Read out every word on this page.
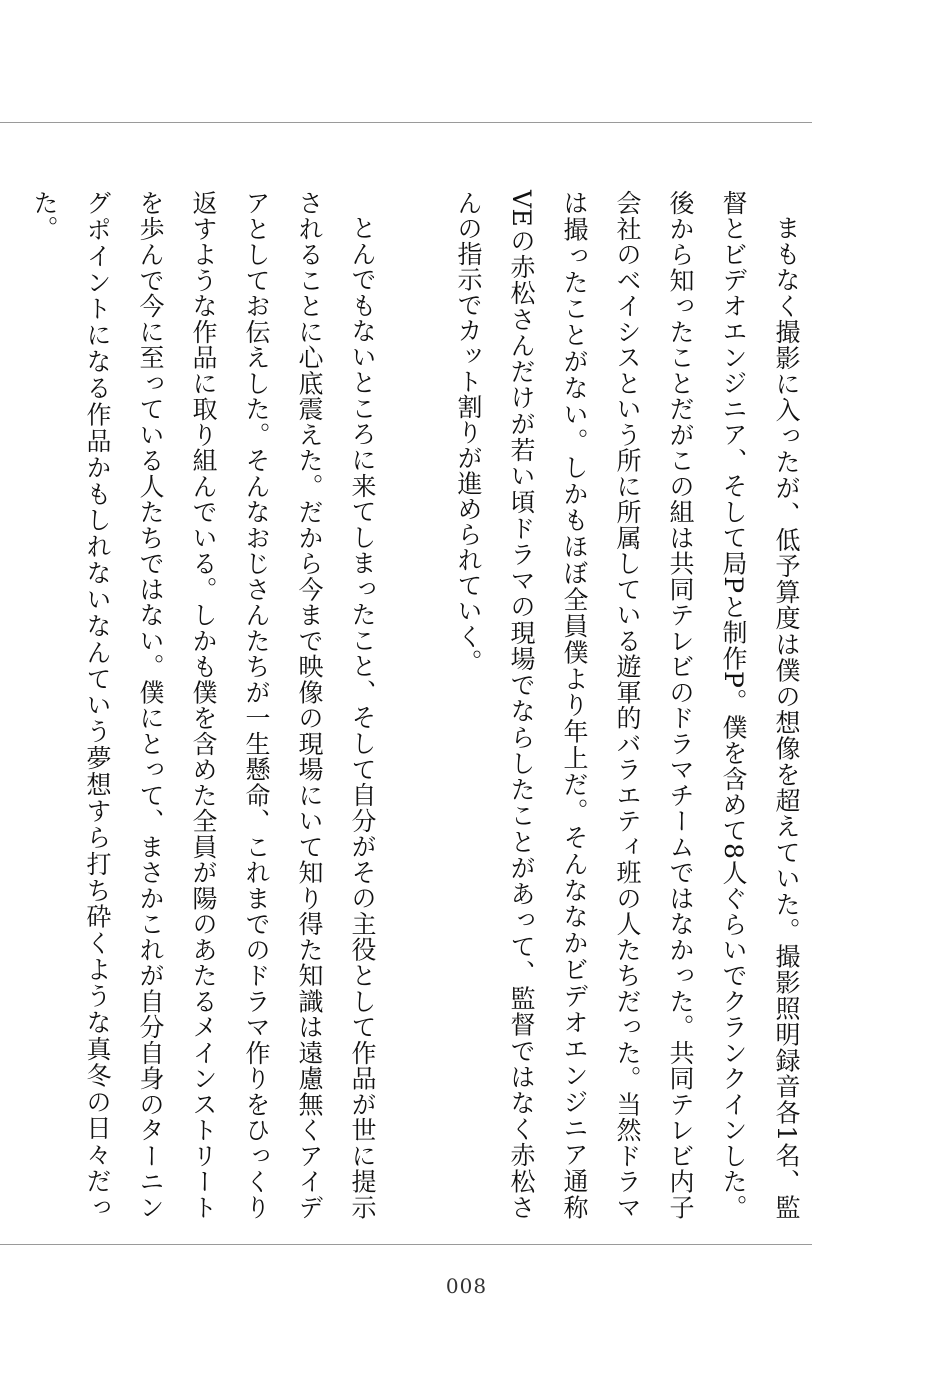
まもなく撮影に入ったが、低予算度は僕の想像を超えていた。撮影照明録音各1名、監督とビデオエンジニア、そして局Pと制作P。僕を含めて8人ぐらいでクランクインした。後から知ったことだがこの組は共同テレビのドラマチームではなかった。共同テレビ内子会社のベイシスという所に所属している遊軍的バラエティ班の人たちだった。当然ドラマは撮ったことがない。しかもほぼ全員僕より年上だ。そんななかビデオエンジニア通称VEの赤松さんだけが若い頃ドラマの現場でならしたことがあって、監督ではなく赤松さんの指示でカット割りが進められていく。

とんでもないところに来てしまったこと、そして自分がその主役として作品が世に提示されることに心底震えた。だから今まで映像の現場にいて知り得た知識は遠慮無くアイデアとしてお伝えした。そんなおじさんたちが一生懸命、これまでのドラマ作りをひっくり返すような作品に取り組んでいる。しかも僕を含めた全員が陽のあたるメインストリートを歩んで今に至っている人たちではない。僕にとって、まさかこれが自分自身のターニングポイントになる作品かもしれないなんていう夢想すら打ち砕くような真冬の日々だった。

008
